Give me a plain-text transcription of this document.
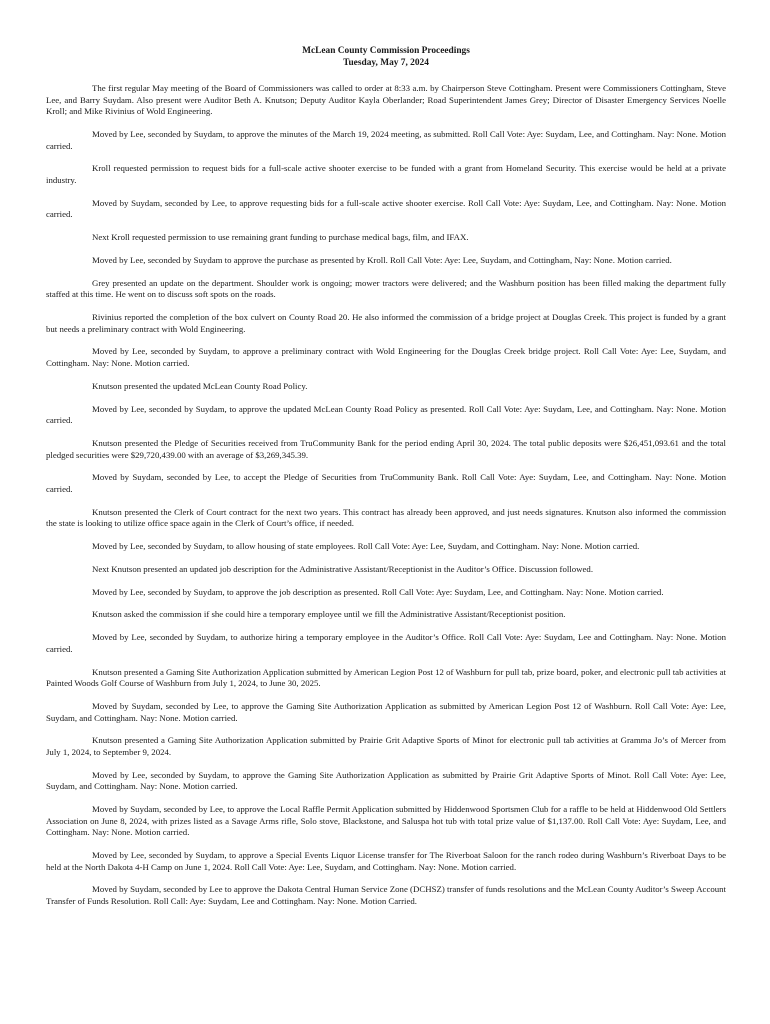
McLean County Commission Proceedings
Tuesday, May 7, 2024

The first regular May meeting of the Board of Commissioners was called to order at 8:33 a.m. by Chairperson Steve Cottingham. Present were Commissioners Cottingham, Steve Lee, and Barry Suydam. Also present were Auditor Beth A. Knutson; Deputy Auditor Kayla Oberlander; Road Superintendent James Grey; Director of Disaster Emergency Services Noelle Kroll; and Mike Rivinius of Wold Engineering.

Moved by Lee, seconded by Suydam, to approve the minutes of the March 19, 2024 meeting, as submitted. Roll Call Vote: Aye: Suydam, Lee, and Cottingham. Nay: None. Motion carried.

Kroll requested permission to request bids for a full-scale active shooter exercise to be funded with a grant from Homeland Security. This exercise would be held at a private industry.

Moved by Suydam, seconded by Lee, to approve requesting bids for a full-scale active shooter exercise. Roll Call Vote: Aye: Suydam, Lee, and Cottingham. Nay: None. Motion carried.

Next Kroll requested permission to use remaining grant funding to purchase medical bags, film, and IFAX.

Moved by Lee, seconded by Suydam to approve the purchase as presented by Kroll. Roll Call Vote: Aye: Lee, Suydam, and Cottingham, Nay: None. Motion carried.

Grey presented an update on the department. Shoulder work is ongoing; mower tractors were delivered; and the Washburn position has been filled making the department fully staffed at this time. He went on to discuss soft spots on the roads.

Rivinius reported the completion of the box culvert on County Road 20. He also informed the commission of a bridge project at Douglas Creek. This project is funded by a grant but needs a preliminary contract with Wold Engineering.

Moved by Lee, seconded by Suydam, to approve a preliminary contract with Wold Engineering for the Douglas Creek bridge project. Roll Call Vote: Aye: Lee, Suydam, and Cottingham. Nay: None. Motion carried.

Knutson presented the updated McLean County Road Policy.

Moved by Lee, seconded by Suydam, to approve the updated McLean County Road Policy as presented. Roll Call Vote: Aye: Suydam, Lee, and Cottingham. Nay: None. Motion carried.

Knutson presented the Pledge of Securities received from TruCommunity Bank for the period ending April 30, 2024. The total public deposits were $26,451,093.61 and the total pledged securities were $29,720,439.00 with an average of $3,269,345.39.

Moved by Suydam, seconded by Lee, to accept the Pledge of Securities from TruCommunity Bank. Roll Call Vote: Aye: Suydam, Lee, and Cottingham. Nay: None. Motion carried.

Knutson presented the Clerk of Court contract for the next two years. This contract has already been approved, and just needs signatures. Knutson also informed the commission the state is looking to utilize office space again in the Clerk of Court’s office, if needed.

Moved by Lee, seconded by Suydam, to allow housing of state employees. Roll Call Vote: Aye: Lee, Suydam, and Cottingham. Nay: None. Motion carried.

Next Knutson presented an updated job description for the Administrative Assistant/Receptionist in the Auditor’s Office. Discussion followed.

Moved by Lee, seconded by Suydam, to approve the job description as presented. Roll Call Vote: Aye: Suydam, Lee, and Cottingham. Nay: None. Motion carried.

Knutson asked the commission if she could hire a temporary employee until we fill the Administrative Assistant/Receptionist position.

Moved by Lee, seconded by Suydam, to authorize hiring a temporary employee in the Auditor’s Office. Roll Call Vote: Aye: Suydam, Lee and Cottingham. Nay: None. Motion carried.

Knutson presented a Gaming Site Authorization Application submitted by American Legion Post 12 of Washburn for pull tab, prize board, poker, and electronic pull tab activities at Painted Woods Golf Course of Washburn from July 1, 2024, to June 30, 2025.

Moved by Suydam, seconded by Lee, to approve the Gaming Site Authorization Application as submitted by American Legion Post 12 of Washburn. Roll Call Vote: Aye: Lee, Suydam, and Cottingham. Nay: None. Motion carried.

Knutson presented a Gaming Site Authorization Application submitted by Prairie Grit Adaptive Sports of Minot for electronic pull tab activities at Gramma Jo’s of Mercer from July 1, 2024, to September 9, 2024.

Moved by Lee, seconded by Suydam, to approve the Gaming Site Authorization Application as submitted by Prairie Grit Adaptive Sports of Minot. Roll Call Vote: Aye: Lee, Suydam, and Cottingham. Nay: None. Motion carried.

Moved by Suydam, seconded by Lee, to approve the Local Raffle Permit Application submitted by Hiddenwood Sportsmen Club for a raffle to be held at Hiddenwood Old Settlers Association on June 8, 2024, with prizes listed as a Savage Arms rifle, Solo stove, Blackstone, and Saluspa hot tub with total prize value of $1,137.00. Roll Call Vote: Aye: Suydam, Lee, and Cottingham. Nay: None. Motion carried.

Moved by Lee, seconded by Suydam, to approve a Special Events Liquor License transfer for The Riverboat Saloon for the ranch rodeo during Washburn’s Riverboat Days to be held at the North Dakota 4-H Camp on June 1, 2024. Roll Call Vote: Aye: Lee, Suydam, and Cottingham. Nay: None. Motion carried.

Moved by Suydam, seconded by Lee to approve the Dakota Central Human Service Zone (DCHSZ) transfer of funds resolutions and the McLean County Auditor’s Sweep Account Transfer of Funds Resolution. Roll Call: Aye: Suydam, Lee and Cottingham. Nay: None. Motion Carried.
